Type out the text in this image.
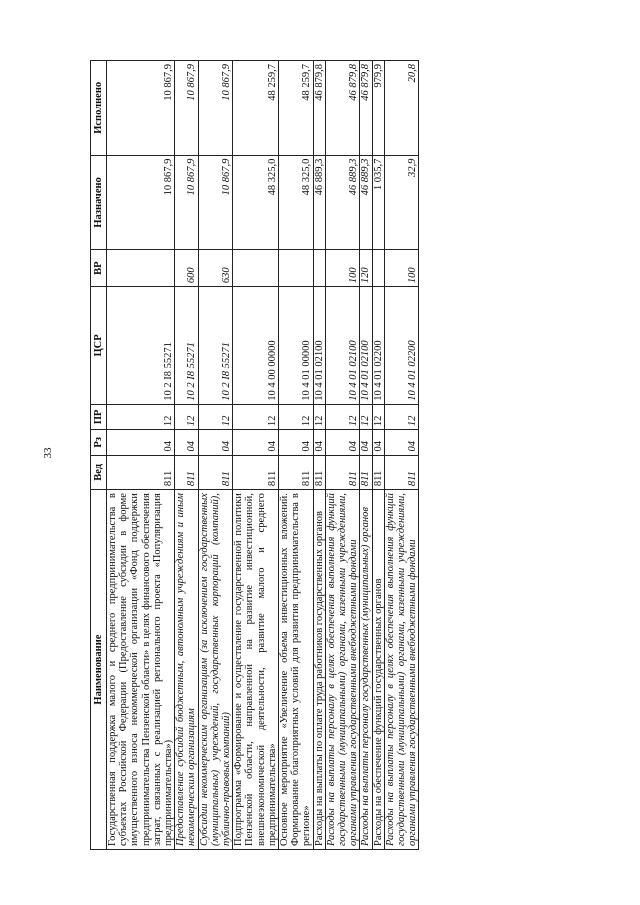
33
Наименование	Вед	Рз	ПР	ЦСР	ВР	Назначено	Исполнено
Государственная поддержка малого и среднего предпринимательства в субъектах Российской Федерации (Предоставление субсидии в форме имущественного взноса некоммерческой организации «Фонд поддержки предпринимательства Пензенской области» в целях финансового обеспечения затрат, связанных с реализацией регионального проекта «Популяризация предпринимательства»)	811	04	12	10 2 I8 55271		10 867,9	10 867,9
Предоставление субсидий бюджетным, автономным учреждениям и иным некоммерческим организациям	811	04	12	10 2 I8 55271	600	10 867,9	10 867,9
Субсидии некоммерческим организациям (за исключением государственных (муниципальных) учреждений, государственных корпораций (компаний), публично-правовых компаний)	811	04	12	10 2 I8 55271	630	10 867,9	10 867,9
Подпрограмма «Формирование и осуществление государственной политики Пензенской области, направленной на развитие инвестиционной, внешнеэкономической деятельности, развитие малого и среднего предпринимательства»	811	04	12	10 4 00 00000		48 325,0	48 259,7
Основное мероприятие «Увеличение объема инвестиционных вложений. Формирование благоприятных условий для развития предпринимательства в регионе»	811	04	12	10 4 01 00000		48 325,0	48 259,7
Расходы на выплаты по оплате труда работников государственных органов	811	04	12	10 4 01 02100		46 889,3	46 879,8
Расходы на выплаты персоналу в целях обеспечения выполнения функций государственными (муниципальными) органами, казенными учреждениями, органами управления государственными внебюджетными фондами	811	04	12	10 4 01 02100	100	46 889,3	46 879,8
Расходы на выплаты персоналу государственных (муниципальных) органов	811	04	12	10 4 01 02100	120	46 889,3	46 879,8
Расходы на обеспечение функций государственных органов	811	04	12	10 4 01 02200		1 035,7	979,9
Расходы на выплаты персоналу в целях обеспечения выполнения функций государственными (муниципальными) органами, казенными учреждениями, органами управления государственными внебюджетными фондами	811	04	12	10 4 01 02200	100	32,9	20,8
